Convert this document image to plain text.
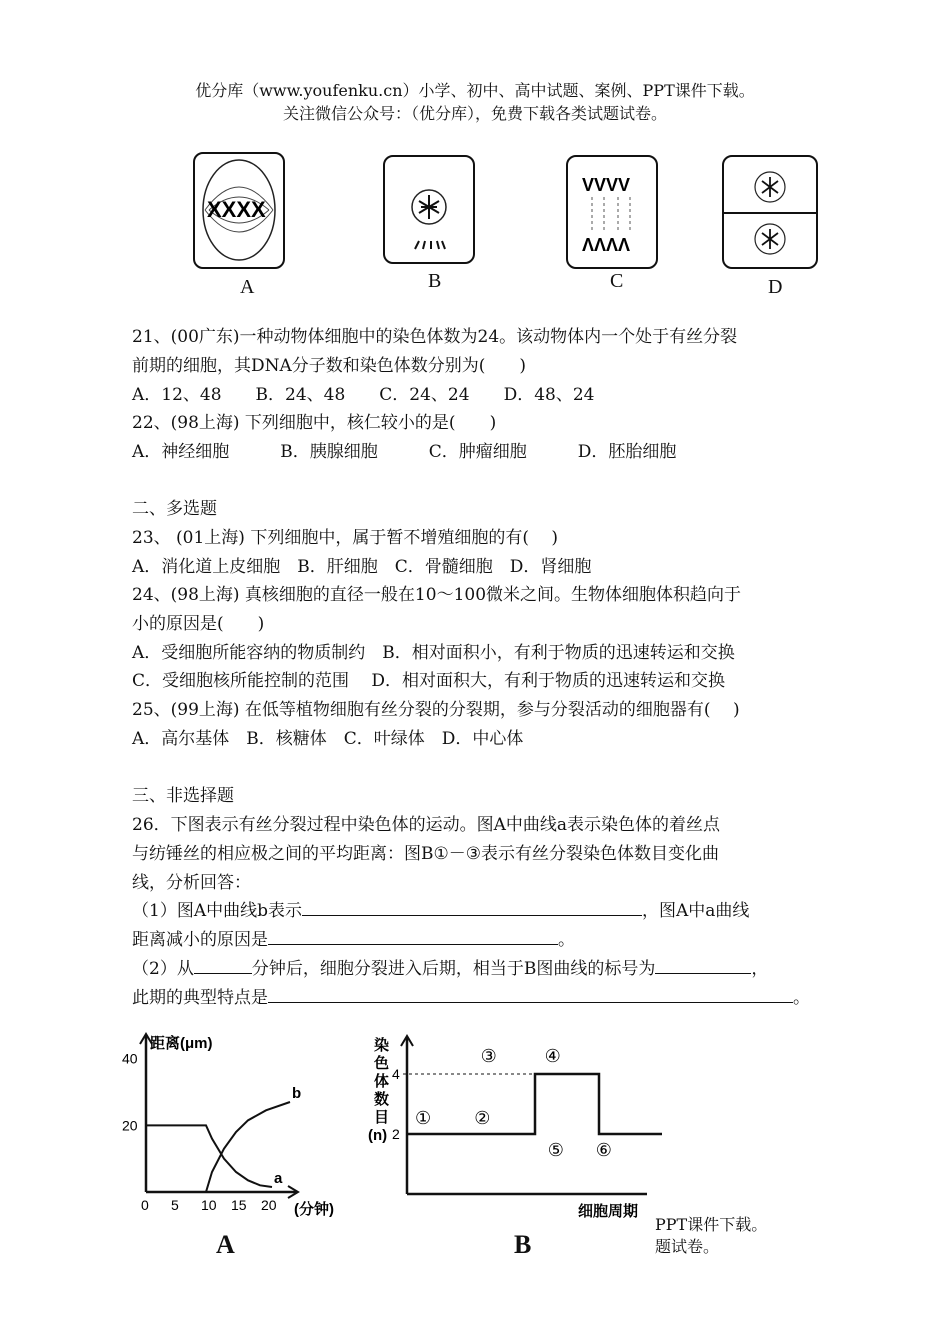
优分库（www.youfenku.cn）小学、初中、高中试题、案例、PPT课件下载。
关注微信公众号：（优分库），免费下载各类试题试卷。
XXXX
VVVV
ΛΛΛΛ
A	B	C	D
21、(00广东)一种动物体细胞中的染色体数为24。该动物体内一个处于有丝分裂
前期的细胞，其DNA分子数和染色体数分别为(　　)
A．12、48　　B．24、48　　C．24、24　　D．48、24
22、(98上海) 下列细胞中，核仁较小的是(　　)
A．神经细胞　　　B．胰腺细胞　　　C．肿瘤细胞　　　D．胚胎细胞
二、多选题
23、 (01上海) 下列细胞中，属于暂不增殖细胞的有(　 )
A．消化道上皮细胞　B．肝细胞　C．骨髓细胞　D．肾细胞
24、(98上海) 真核细胞的直径一般在10～100微米之间。生物体细胞体积趋向于
小的原因是(　　)
A．受细胞所能容纳的物质制约　B．相对面积小，有利于物质的迅速转运和交换
C．受细胞核所能控制的范围　 D．相对面积大，有利于物质的迅速转运和交换
25、(99上海) 在低等植物细胞有丝分裂的分裂期，参与分裂活动的细胞器有(　 )
A．高尔基体　B．核糖体　C．叶绿体　D．中心体
三、非选择题
26．下图表示有丝分裂过程中染色体的运动。图A中曲线a表示染色体的着丝点
与纺锤丝的相应极之间的平均距离：图B①－③表示有丝分裂染色体数目变化曲
线，分析回答：
（1）图A中曲线b表示	，图A中a曲线
距离减小的原因是	。
（2）从	分钟后，细胞分裂进入后期，相当于B图曲线的标号为	，
此期的典型特点是	。
距离(μm)
(分钟)
0 5 10 15 20
20
40
a
b
A
染色体数目(n)
细胞周期
2
4
① ②
③	④
⑤ ⑥
B
PPT课件下载。
题试卷。
